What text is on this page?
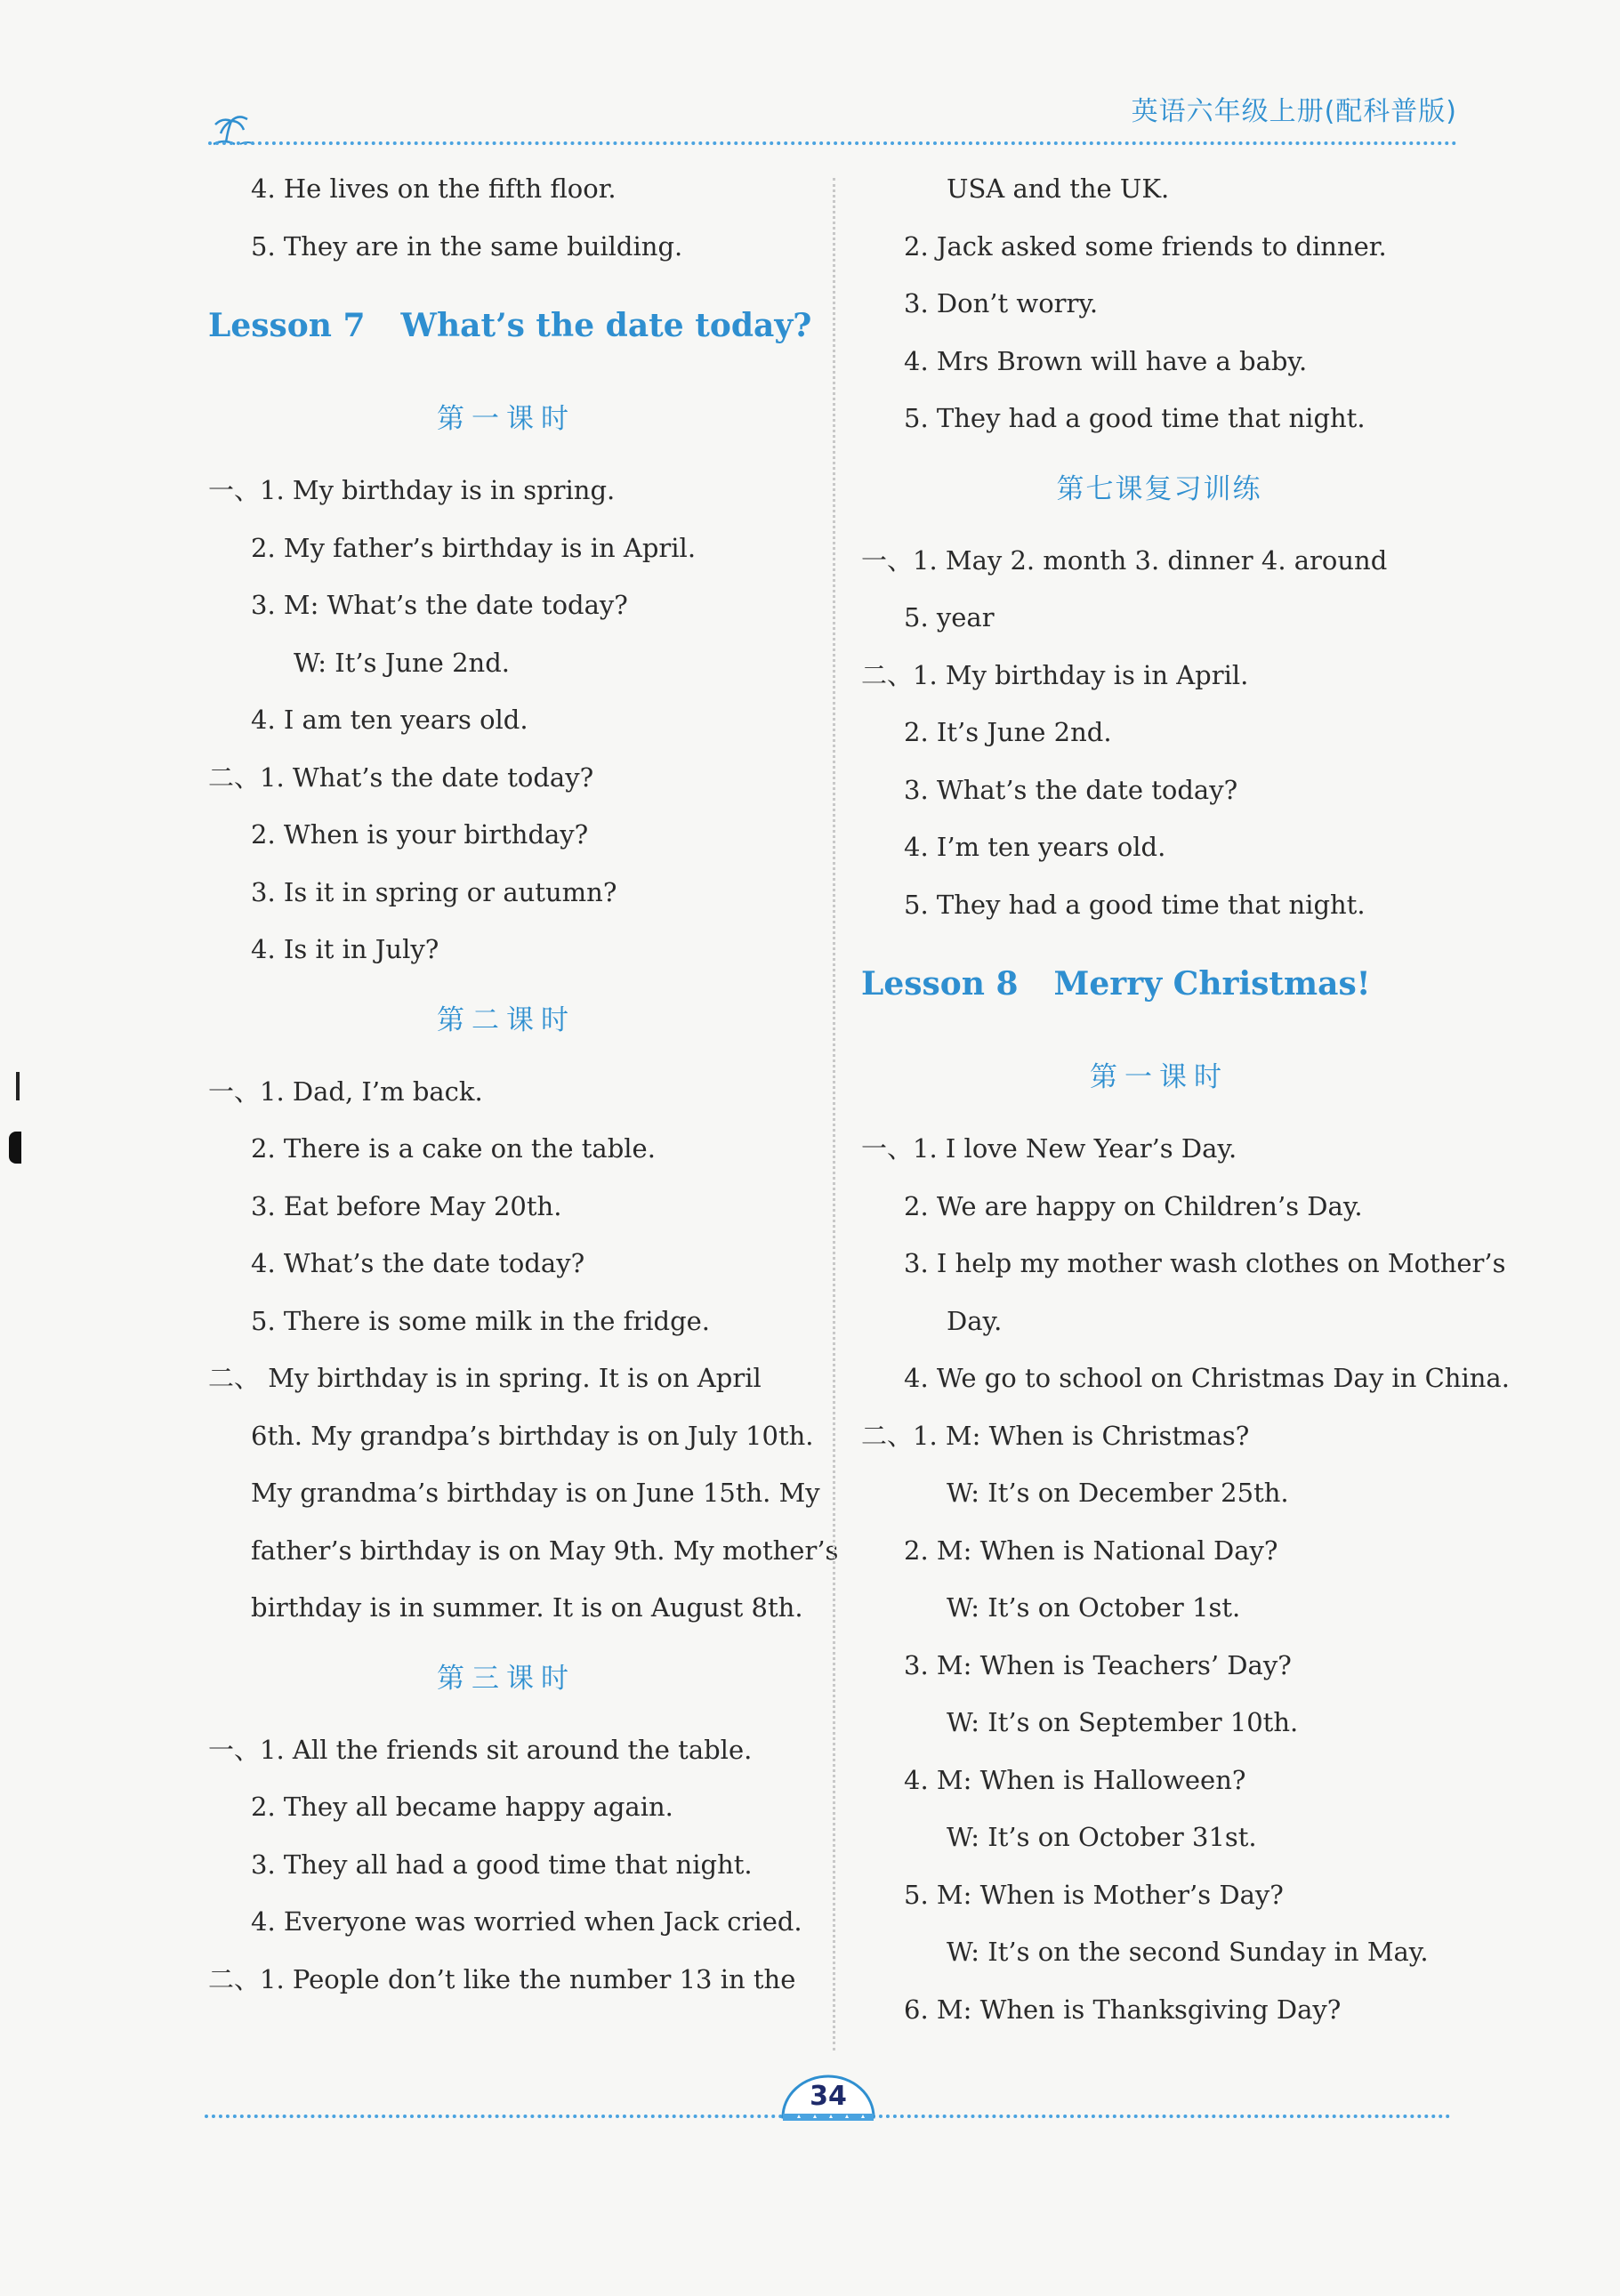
英语六年级上册(配科普版)
4. He lives on the fifth floor.
5. They are in the same building.
Lesson 7 What’s the date today?
第一课时
一、1. My birthday is in spring.
2. My father’s birthday is in April.
3. M: What’s the date today?
W: It’s June 2nd.
4. I am ten years old.
二、1. What’s the date today?
2. When is your birthday?
3. Is it in spring or autumn?
4. Is it in July?
第二课时
一、1. Dad, I’m back.
2. There is a cake on the table.
3. Eat before May 20th.
4. What’s the date today?
5. There is some milk in the fridge.
二、 My birthday is in spring. It is on April
6th. My grandpa’s birthday is on July 10th.
My grandma’s birthday is on June 15th. My
father’s birthday is on May 9th. My mother’s
birthday is in summer. It is on August 8th.
第三课时
一、1. All the friends sit around the table.
2. They all became happy again.
3. They all had a good time that night.
4. Everyone was worried when Jack cried.
二、1. People don’t like the number 13 in the
USA and the UK.
2. Jack asked some friends to dinner.
3. Don’t worry.
4. Mrs Brown will have a baby.
5. They had a good time that night.
第七课复习训练
一、1. May 2. month 3. dinner 4. around
5. year
二、1. My birthday is in April.
2. It’s June 2nd.
3. What’s the date today?
4. I’m ten years old.
5. They had a good time that night.
Lesson 8 Merry Christmas!
第一课时
一、1. I love New Year’s Day.
2. We are happy on Children’s Day.
3. I help my mother wash clothes on Mother’s
Day.
4. We go to school on Christmas Day in China.
二、1. M: When is Christmas?
W: It’s on December 25th.
2. M: When is National Day?
W: It’s on October 1st.
3. M: When is Teachers’ Day?
W: It’s on September 10th.
4. M: When is Halloween?
W: It’s on October 31st.
5. M: When is Mother’s Day?
W: It’s on the second Sunday in May.
6. M: When is Thanksgiving Day?
34
